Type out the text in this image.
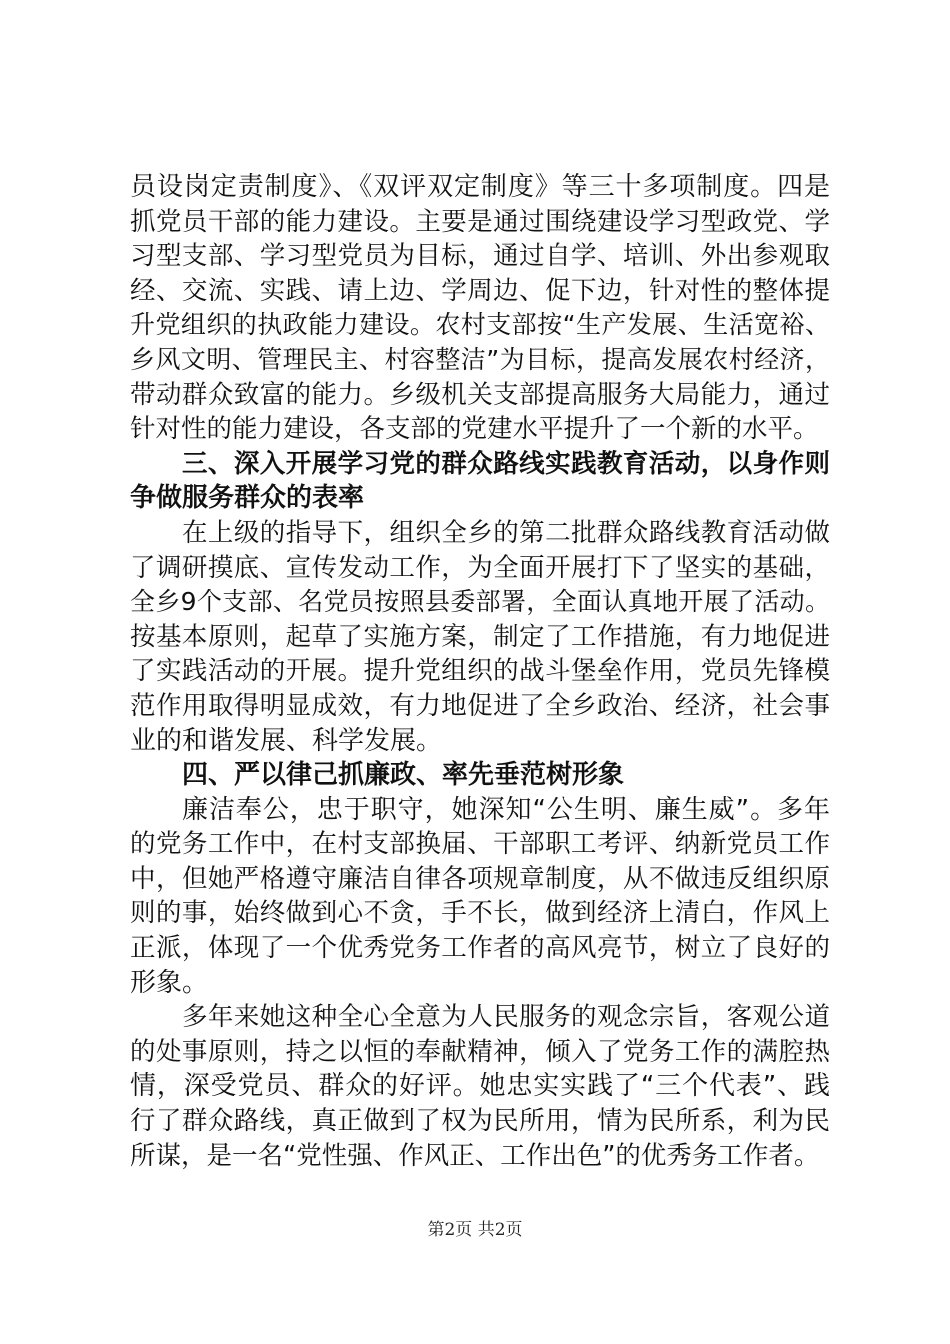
员设岗定责制度》、《双评双定制度》等三十多项制度。四是
抓党员干部的能力建设。主要是通过围绕建设学习型政党、学
习型支部、学习型党员为目标，通过自学、培训、外出参观取
经、交流、实践、请上边、学周边、促下边，针对性的整体提
升党组织的执政能力建设。农村支部按“生产发展、生活宽裕、
乡风文明、管理民主、村容整洁”为目标，提高发展农村经济，
带动群众致富的能力。乡级机关支部提高服务大局能力，通过
针对性的能力建设，各支部的党建水平提升了一个新的水平。
三、深入开展学习党的群众路线实践教育活动，以身作则
争做服务群众的表率
在上级的指导下，组织全乡的第二批群众路线教育活动做
了调研摸底、宣传发动工作，为全面开展打下了坚实的基础，
全乡9个支部、名党员按照县委部署，全面认真地开展了活动。
按基本原则，起草了实施方案，制定了工作措施，有力地促进
了实践活动的开展。提升党组织的战斗堡垒作用，党员先锋模
范作用取得明显成效，有力地促进了全乡政治、经济，社会事
业的和谐发展、科学发展。
四、严以律己抓廉政、率先垂范树形象
廉洁奉公，忠于职守，她深知“公生明、廉生威”。多年
的党务工作中，在村支部换届、干部职工考评、纳新党员工作
中，但她严格遵守廉洁自律各项规章制度，从不做违反组织原
则的事，始终做到心不贪，手不长，做到经济上清白，作风上
正派，体现了一个优秀党务工作者的高风亮节，树立了良好的
形象。
多年来她这种全心全意为人民服务的观念宗旨，客观公道
的处事原则，持之以恒的奉献精神，倾入了党务工作的满腔热
情，深受党员、群众的好评。她忠实实践了“三个代表”、践
行了群众路线，真正做到了权为民所用，情为民所系，利为民
所谋，是一名“党性强、作风正、工作出色”的优秀务工作者。
第2页 共2页
